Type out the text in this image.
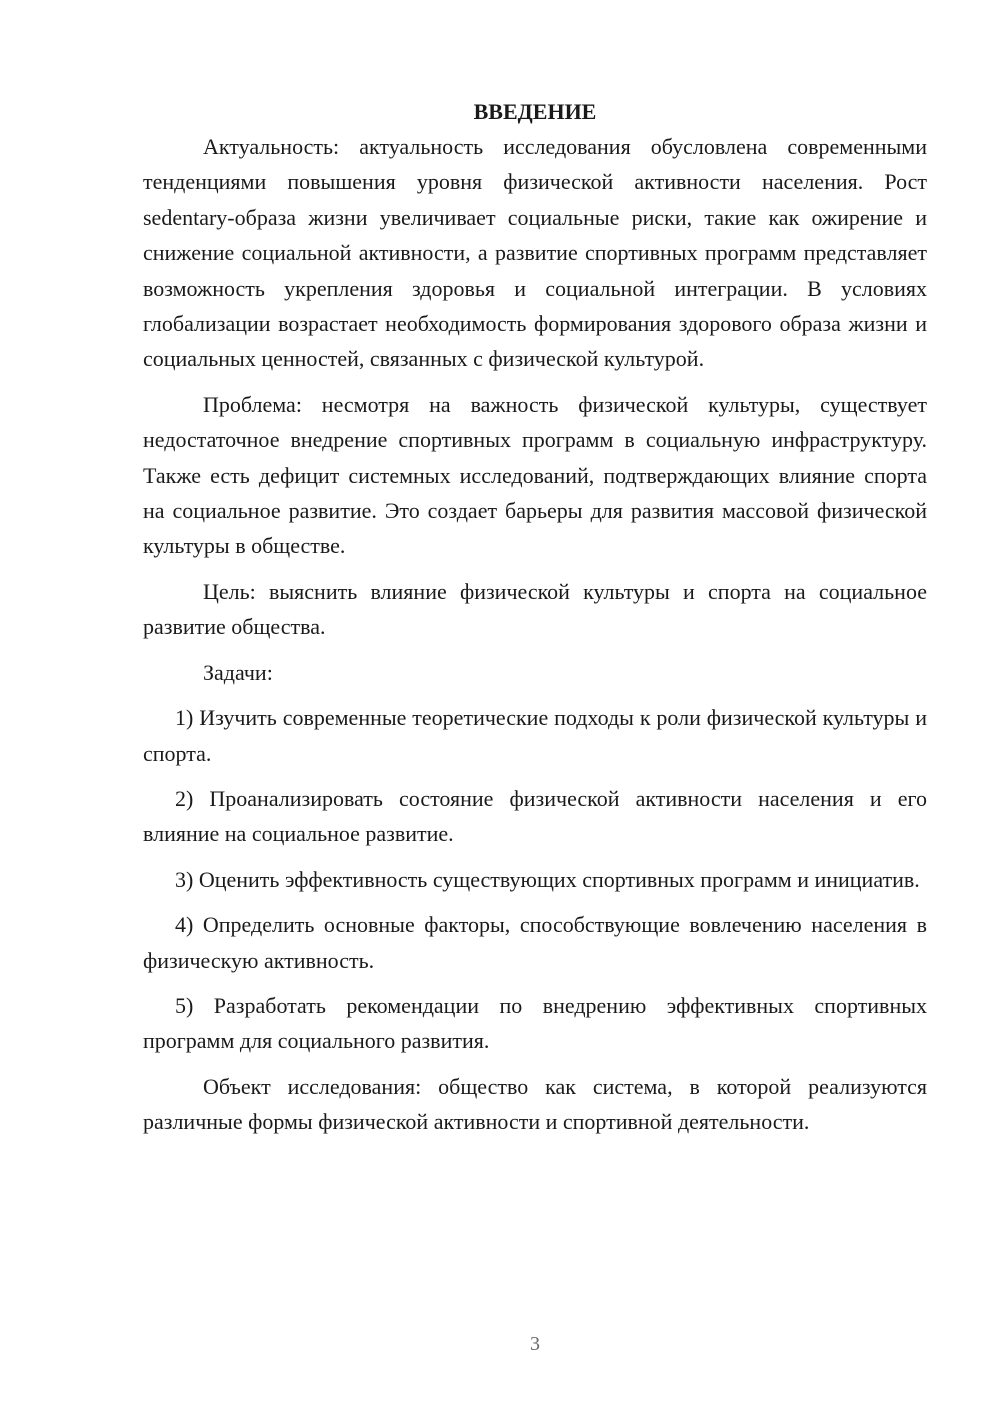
ВВЕДЕНИЕ

Актуальность: актуальность исследования обусловлена современными тенденциями повышения уровня физической активности населения. Рост sedentary-образа жизни увеличивает социальные риски, такие как ожирение и снижение социальной активности, а развитие спортивных программ представляет возможность укрепления здоровья и социальной интеграции. В условиях глобализации возрастает необходимость формирования здорового образа жизни и социальных ценностей, связанных с физической культурой.

Проблема: несмотря на важность физической культуры, существует недостаточное внедрение спортивных программ в социальную инфраструктуру. Также есть дефицит системных исследований, подтверждающих влияние спорта на социальное развитие. Это создает барьеры для развития массовой физической культуры в обществе.

Цель: выяснить влияние физической культуры и спорта на социальное развитие общества.

Задачи:

1) Изучить современные теоретические подходы к роли физической культуры и спорта.

2) Проанализировать состояние физической активности населения и его влияние на социальное развитие.

3) Оценить эффективность существующих спортивных программ и инициатив.

4) Определить основные факторы, способствующие вовлечению населения в физическую активность.

5) Разработать рекомендации по внедрению эффективных спортивных программ для социального развития.

Объект исследования: общество как система, в которой реализуются различные формы физической активности и спортивной деятельности.

3
